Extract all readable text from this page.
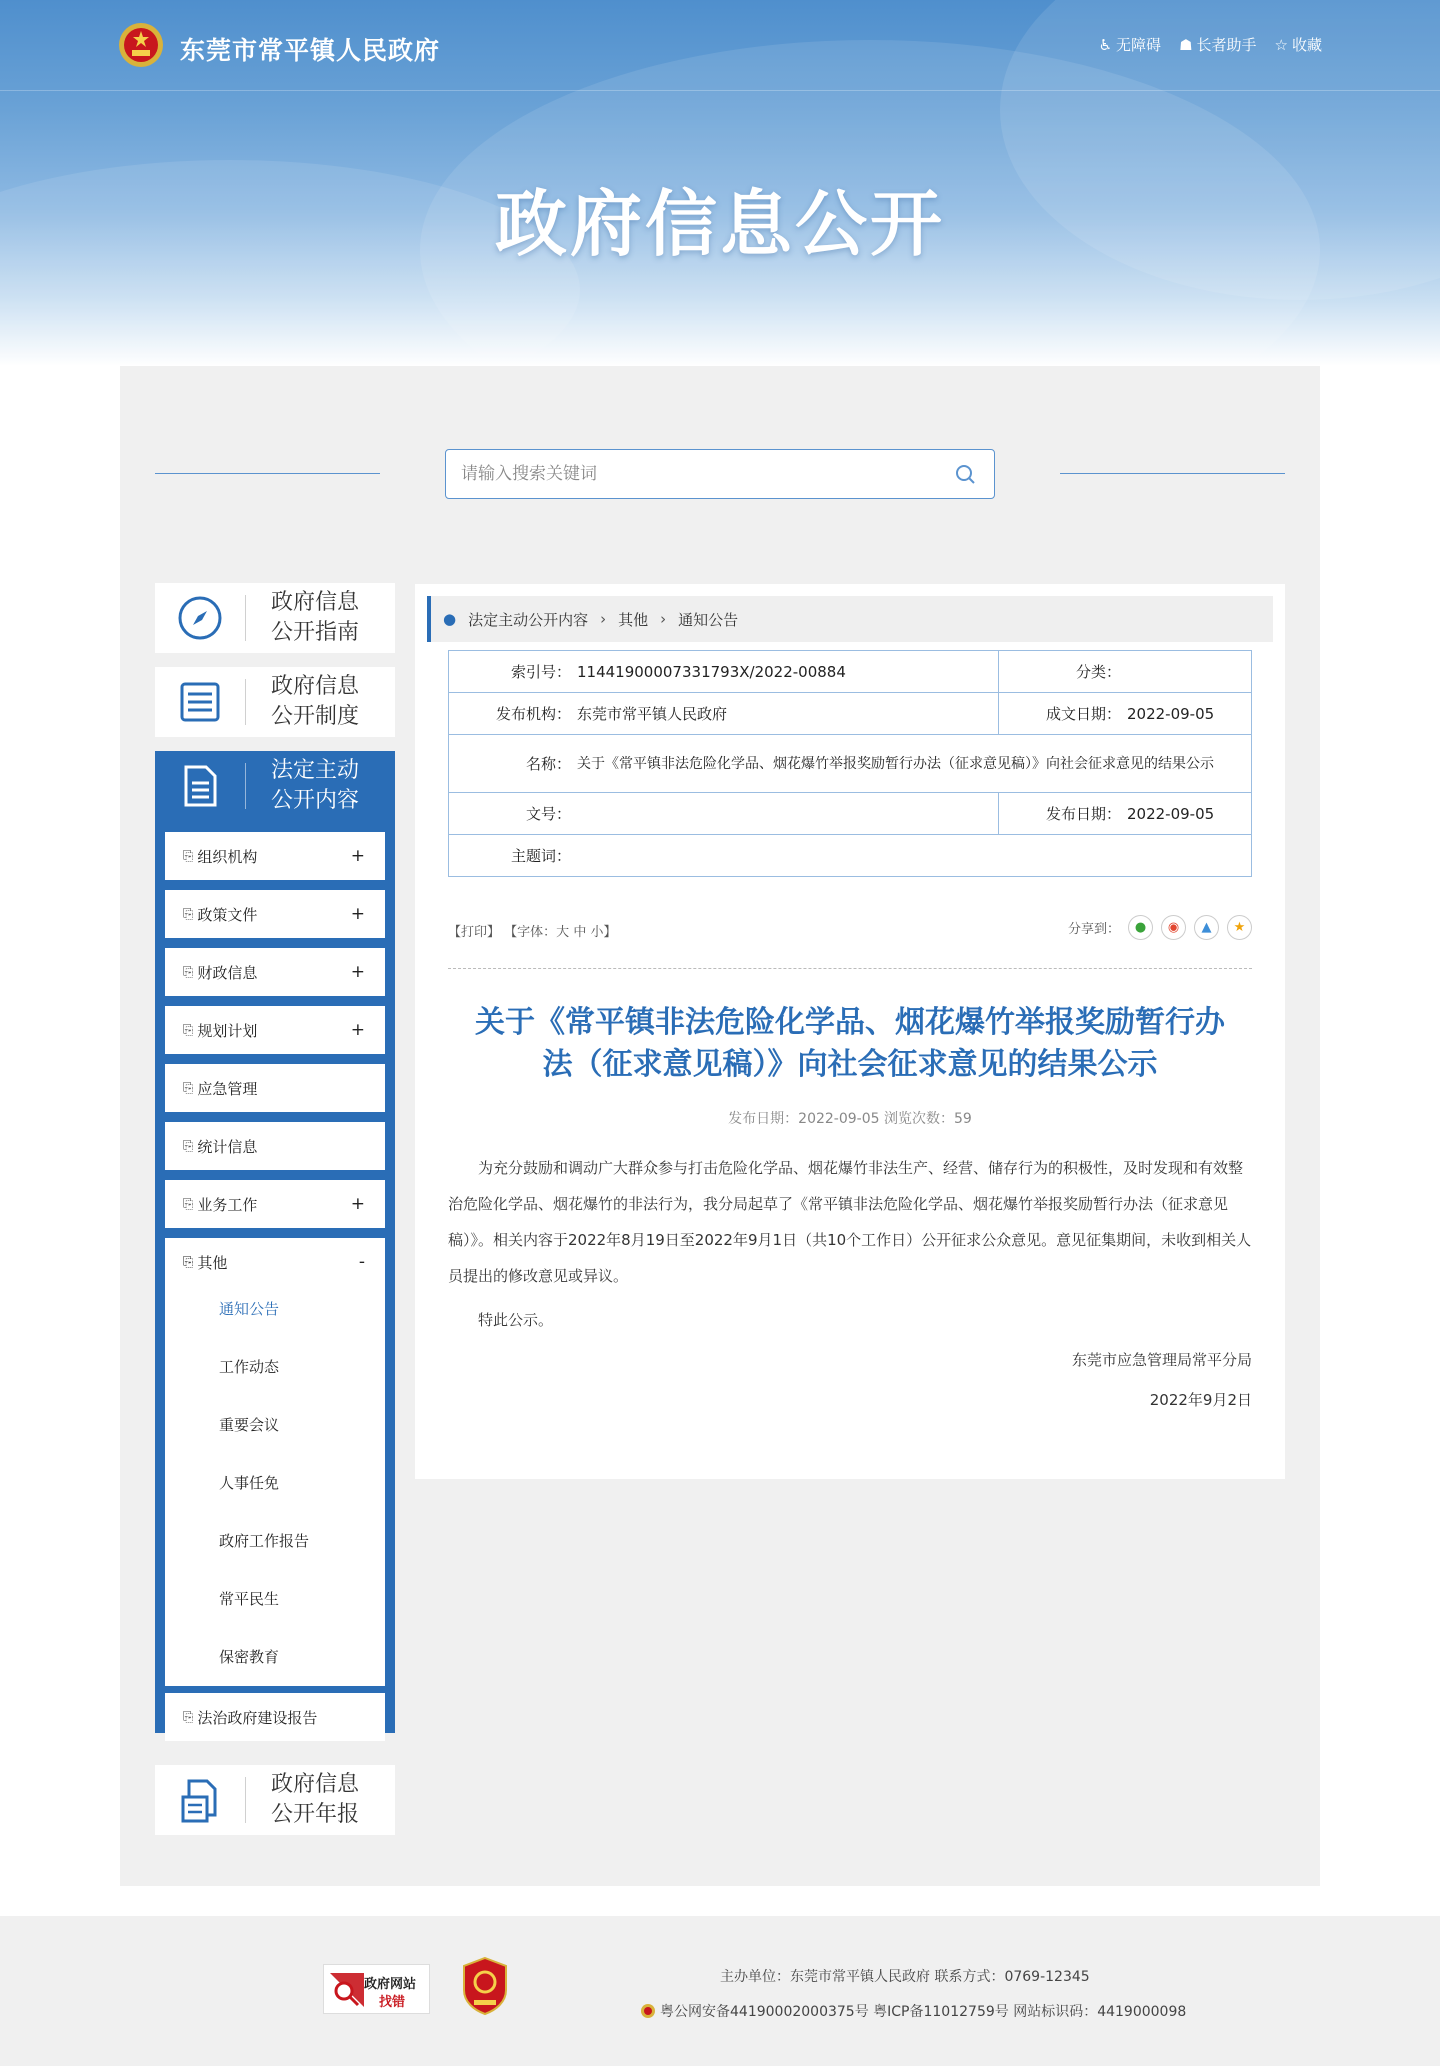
东莞市常平镇人民政府	♿ 无障碍 ☗ 长者助手 ☆ 收藏
政府信息公开
请输入搜索关键词
政府信息
公开指南
政府信息
公开制度
法定主动
公开内容
⎘ 组织机构	+
⎘ 政策文件	+
⎘ 财政信息	+
⎘ 规划计划	+
⎘ 应急管理
⎘ 统计信息
⎘ 业务工作	+
⎘ 其他	-
通知公告
工作动态
重要会议
人事任免
政府工作报告
常平民生
保密教育
⎘ 法治政府建设报告
政府信息
公开年报
● 法定主动公开内容 › 其他 › 通知公告
索引号： 11441900007331793X/2022-00884	分类：
发布机构： 东莞市常平镇人民政府	成文日期： 2022-09-05

名称： 关于《常平镇非法危险化学品、烟花爆竹举报奖励暂行办法（征求意见稿）》向社会征求意见的结果公示	

文号：	发布日期： 2022-09-05
主题词：	
【打印】 【字体：大 中 小】	分享到：	●	◉	▲	★
关于《常平镇非法危险化学品、烟花爆竹举报奖励暂行办
法（征求意见稿）》向社会征求意见的结果公示
发布日期：2022-09-05 浏览次数：59

为充分鼓励和调动广大群众参与打击危险化学品、烟花爆竹非法生产、经营、储存行为的积极性，及时发现和有效整治危险化学品、烟花爆竹的非法行为，我分局起草了《常平镇非法危险化学品、烟花爆竹举报奖励暂行办法（征求意见稿）》。相关内容于2022年8月19日至2022年9月1日（共10个工作日）公开征求公众意见。意见征集期间，未收到相关人员提出的修改意见或异议。

特此公示。

东莞市应急管理局常平分局

2022年9月2日

政府网站
找错
主办单位：东莞市常平镇人民政府 联系方式：0769-12345
粤公网安备44190002000375号 粤ICP备11012759号 网站标识码：4419000098
